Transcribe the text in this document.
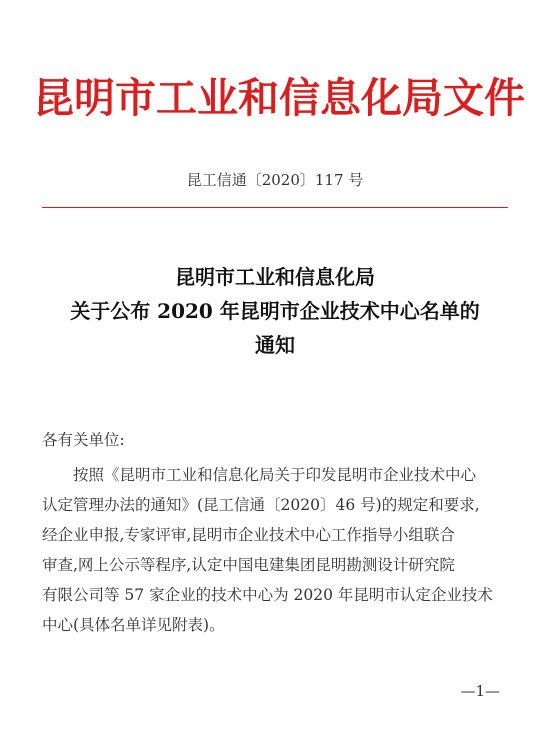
昆明市工业和信息化局文件
昆工信通〔2020〕117 号
昆明市工业和信息化局
关于公布 2020 年昆明市企业技术中心名单的
通知
各有关单位:
按照《昆明市工业和信息化局关于印发昆明市企业技术中心
认定管理办法的通知》(昆工信通〔2020〕46 号)的规定和要求,
经企业申报,专家评审,昆明市企业技术中心工作指导小组联合
审查,网上公示等程序,认定中国电建集团昆明勘测设计研究院
有限公司等 57 家企业的技术中心为 2020 年昆明市认定企业技术
中心(具体名单详见附表)。
—1—
